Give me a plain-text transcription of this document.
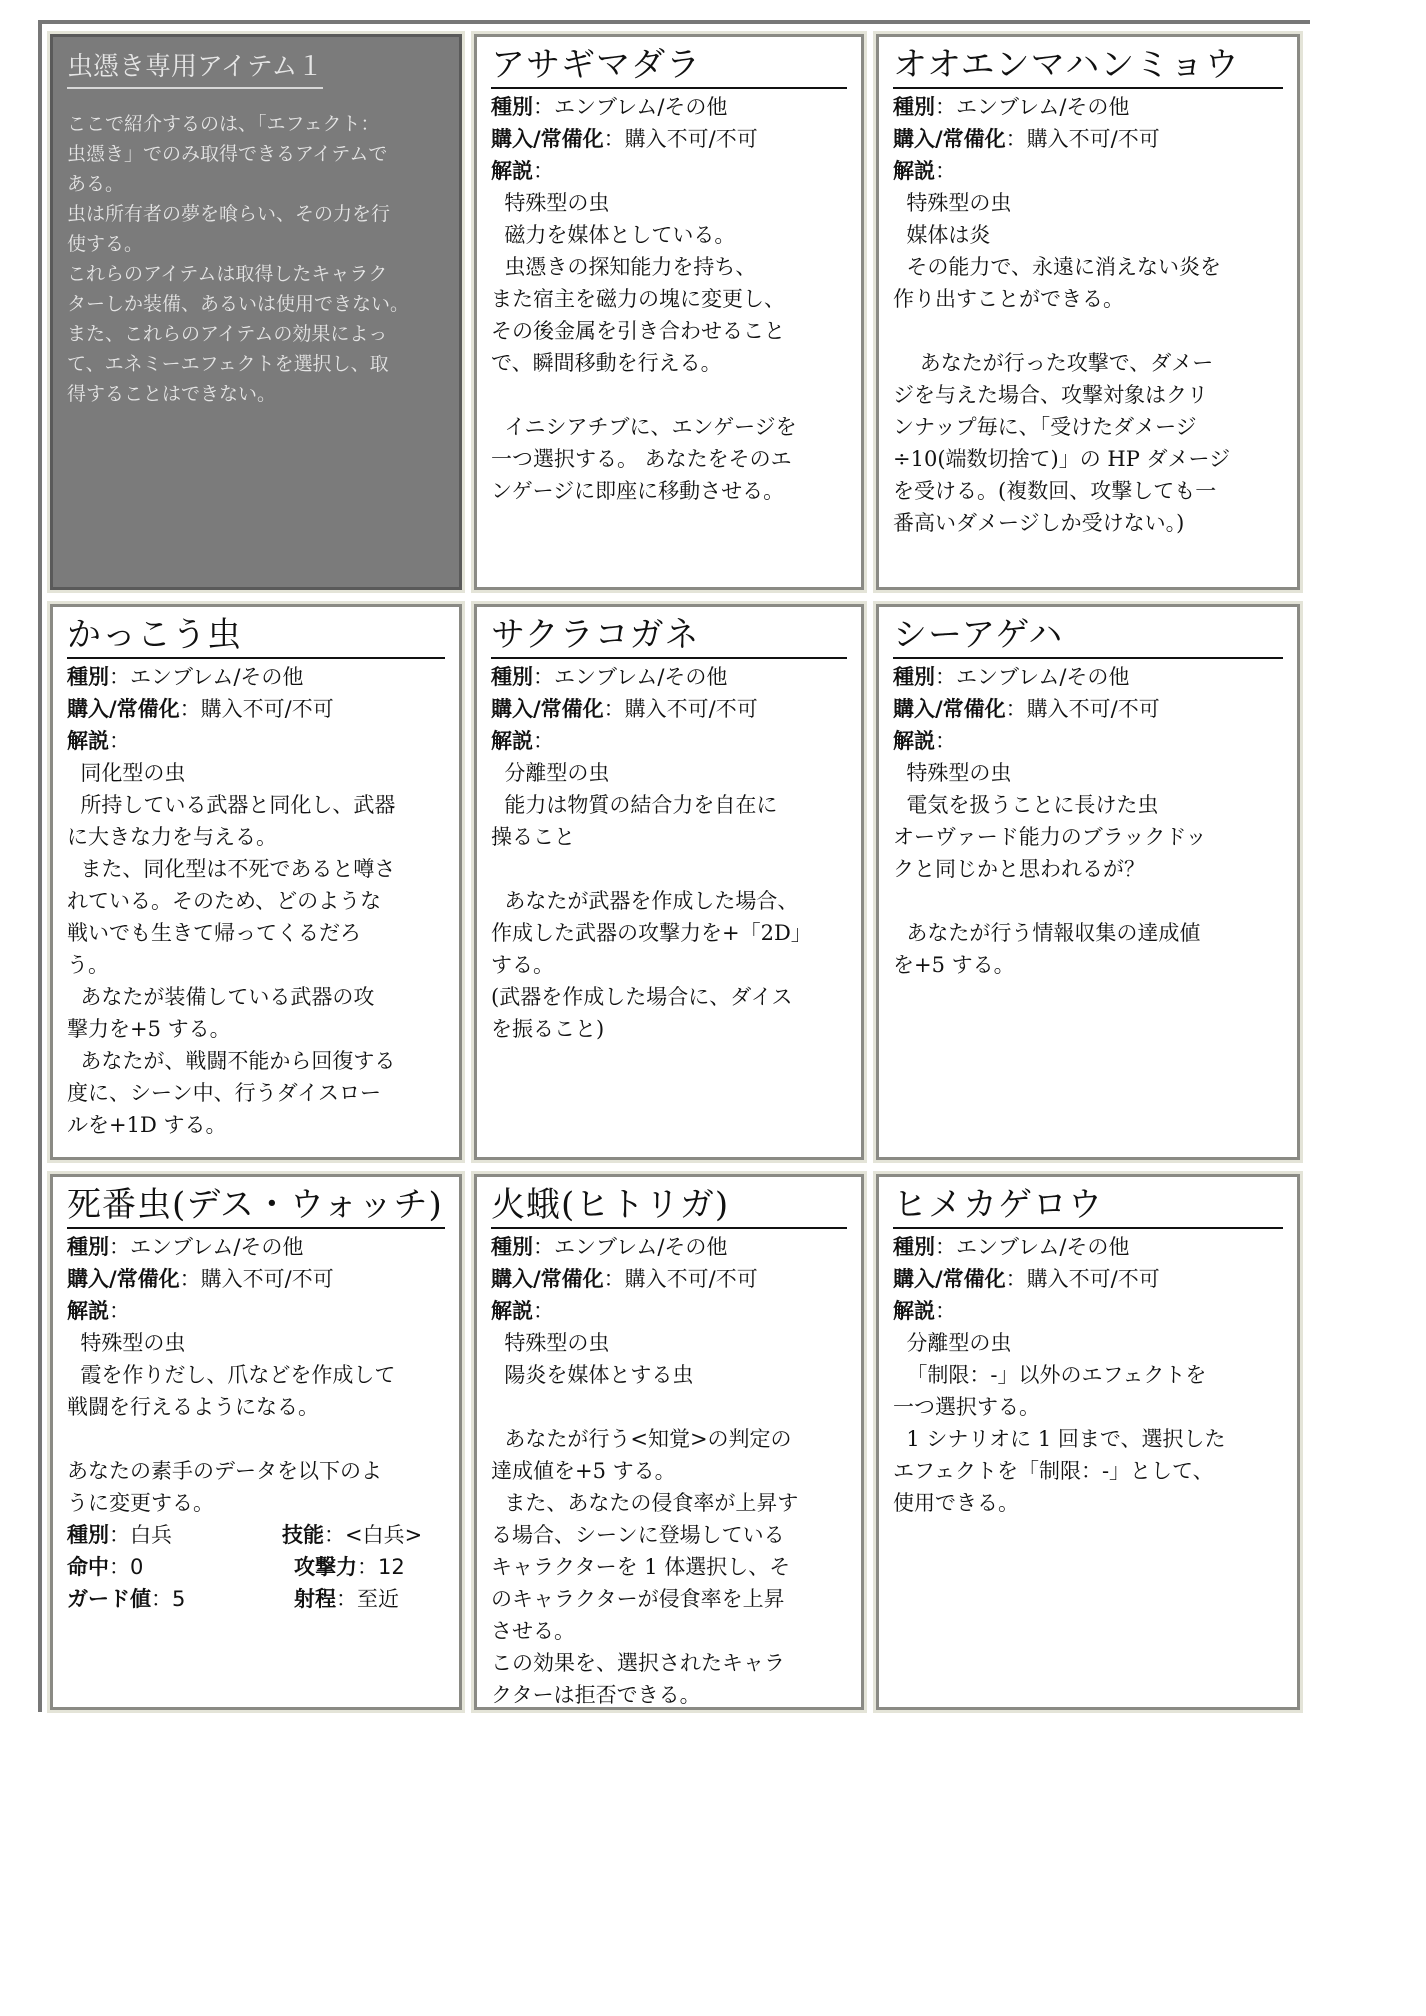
虫憑き専用アイテム１
ここで紹介するのは、「エフェクト：
虫憑き」でのみ取得できるアイテムで
ある。
虫は所有者の夢を喰らい、その力を行
使する。
これらのアイテムは取得したキャラク
ターしか装備、あるいは使用できない。
また、これらのアイテムの効果によっ
て、エネミーエフェクトを選択し、取
得することはできない。
アサギマダラ
種別：エンブレム/その他
購入/常備化：購入不可/不可
解説：
特殊型の虫
磁力を媒体としている。
虫憑きの探知能力を持ち、
また宿主を磁力の塊に変更し、
その後金属を引き合わせること
で、瞬間移動を行える。

イニシアチブに、エンゲージを
一つ選択する。 あなたをそのエ
ンゲージに即座に移動させる。
オオエンマハンミョウ
種別：エンブレム/その他
購入/常備化：購入不可/不可
解説：
特殊型の虫
媒体は炎
その能力で、永遠に消えない炎を
作り出すことができる。

あなたが行った攻撃で、ダメー
ジを与えた場合、攻撃対象はクリ
ンナップ毎に、「受けたダメージ
÷10(端数切捨て)」の HP ダメージ
を受ける。(複数回、攻撃しても一
番高いダメージしか受けない。)
かっこう虫
種別：エンブレム/その他
購入/常備化：購入不可/不可
解説：
同化型の虫
所持している武器と同化し、武器
に大きな力を与える。
また、同化型は不死であると噂さ
れている。そのため、どのような
戦いでも生きて帰ってくるだろ
う。
あなたが装備している武器の攻
撃力を+5 する。
あなたが、戦闘不能から回復する
度に、シーン中、行うダイスロー
ルを+1D する。
サクラコガネ
種別：エンブレム/その他
購入/常備化：購入不可/不可
解説：
分離型の虫
能力は物質の結合力を自在に
操ること

あなたが武器を作成した場合、
作成した武器の攻撃力を+「2D」
する。
(武器を作成した場合に、ダイス
を振ること)
シーアゲハ
種別：エンブレム/その他
購入/常備化：購入不可/不可
解説：
特殊型の虫
電気を扱うことに長けた虫
オーヴァード能力のブラックドッ
クと同じかと思われるが？

あなたが行う情報収集の達成値
を+5 する。
死番虫(デス・ウォッチ)
種別：エンブレム/その他
購入/常備化：購入不可/不可
解説：
特殊型の虫
霞を作りだし、爪などを作成して
戦闘を行えるようになる。

あなたの素手のデータを以下のよ
うに変更する。

種別：白兵	技能：<白兵>
命中：0	攻撃力：12
ガード値：5	射程：至近
火蛾(ヒトリガ)
種別：エンブレム/その他
購入/常備化：購入不可/不可
解説：
特殊型の虫
陽炎を媒体とする虫

あなたが行う<知覚>の判定の
達成値を+5 する。
また、あなたの侵食率が上昇す
る場合、シーンに登場している
キャラクターを 1 体選択し、そ
のキャラクターが侵食率を上昇
させる。
この効果を、選択されたキャラ
クターは拒否できる。
ヒメカゲロウ
種別：エンブレム/その他
購入/常備化：購入不可/不可
解説：
分離型の虫
「制限：-」以外のエフェクトを
一つ選択する。
1 シナリオに 1 回まで、選択した
エフェクトを「制限：-」として、
使用できる。
